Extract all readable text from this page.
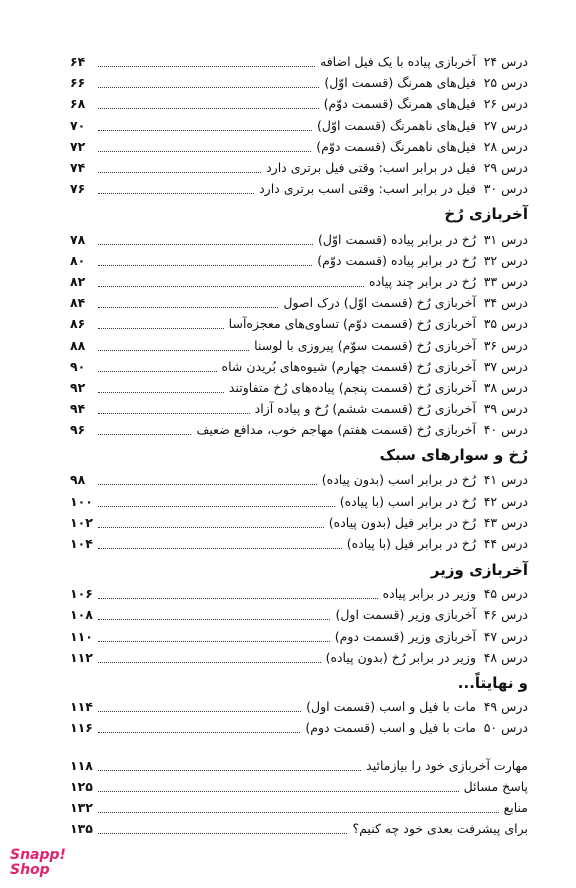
درس ۲۴
آخربازی پیاده با یک فیل اضافه
۶۴
درس ۲۵
فیل‌های همرنگ (قسمت اوّل)
۶۶
درس ۲۶
فیل‌های همرنگ (قسمت دوّم)
۶۸
درس ۲۷
فیل‌های ناهمرنگ (قسمت اوّل)
۷۰
درس ۲۸
فیل‌های ناهمرنگ (قسمت دوّم)
۷۲
درس ۲۹
فیل در برابر اسب: وقتی فیل برتری دارد
۷۴
درس ۳۰
فیل در برابر اسب: وقتی اسب برتری دارد
۷۶
آخربازی رُخ
درس ۳۱
رُخ در برابر پیاده (قسمت اوّل)
۷۸
درس ۳۲
رُخ در برابر پیاده (قسمت دوّم)
۸۰
درس ۳۳
رُخ در برابر چند پیاده
۸۲
درس ۳۴
آخربازی رُخ (قسمت اوّل) درک اصول
۸۴
درس ۳۵
آخربازی رُخ (قسمت دوّم) تساوی‌های معجزه‌آسا
۸۶
درس ۳۶
آخربازی رُخ (قسمت سوّم) پیروزی با لوسنا
۸۸
درس ۳۷
آخربازی رُخ (قسمت چهارم) شیوه‌های بُریدن شاه
۹۰
درس ۳۸
آخربازی رُخ (قسمت پنجم) پیاده‌های رُخ متفاوتند
۹۲
درس ۳۹
آخربازی رُخ (قسمت ششم) رُخ و پیاده آزاد
۹۴
درس ۴۰
آخربازی رُخ (قسمت هفتم) مهاجم خوب، مدافع ضعیف
۹۶
رُخ و سوارهای سبک
درس ۴۱
رُخ در برابر اسب (بدون پیاده)
۹۸
درس ۴۲
رُخ در برابر اسب (با پیاده)
۱۰۰
درس ۴۳
رُخ در برابر فیل (بدون پیاده)
۱۰۲
درس ۴۴
رُخ در برابر فیل (با پیاده)
۱۰۴
آخربازی وزیر
درس ۴۵
وزیر در برابر پیاده
۱۰۶
درس ۴۶
آخربازی وزیر (قسمت اول)
۱۰۸
درس ۴۷
آخربازی وزیر (قسمت دوم)
۱۱۰
درس ۴۸
وزیر در برابر رُخ (بدون پیاده)
۱۱۲
و نهایتاً...
درس ۴۹
مات با فیل و اسب (قسمت اول)
۱۱۴
درس ۵۰
مات با فیل و اسب (قسمت دوم)
۱۱۶
مهارت آخربازی خود را بیازمائید
۱۱۸
پاسخ مسائل
۱۲۵
منابع
۱۳۲
برای پیشرفت بعدی خود چه کنیم؟
۱۳۵
Snapp!
Shop
